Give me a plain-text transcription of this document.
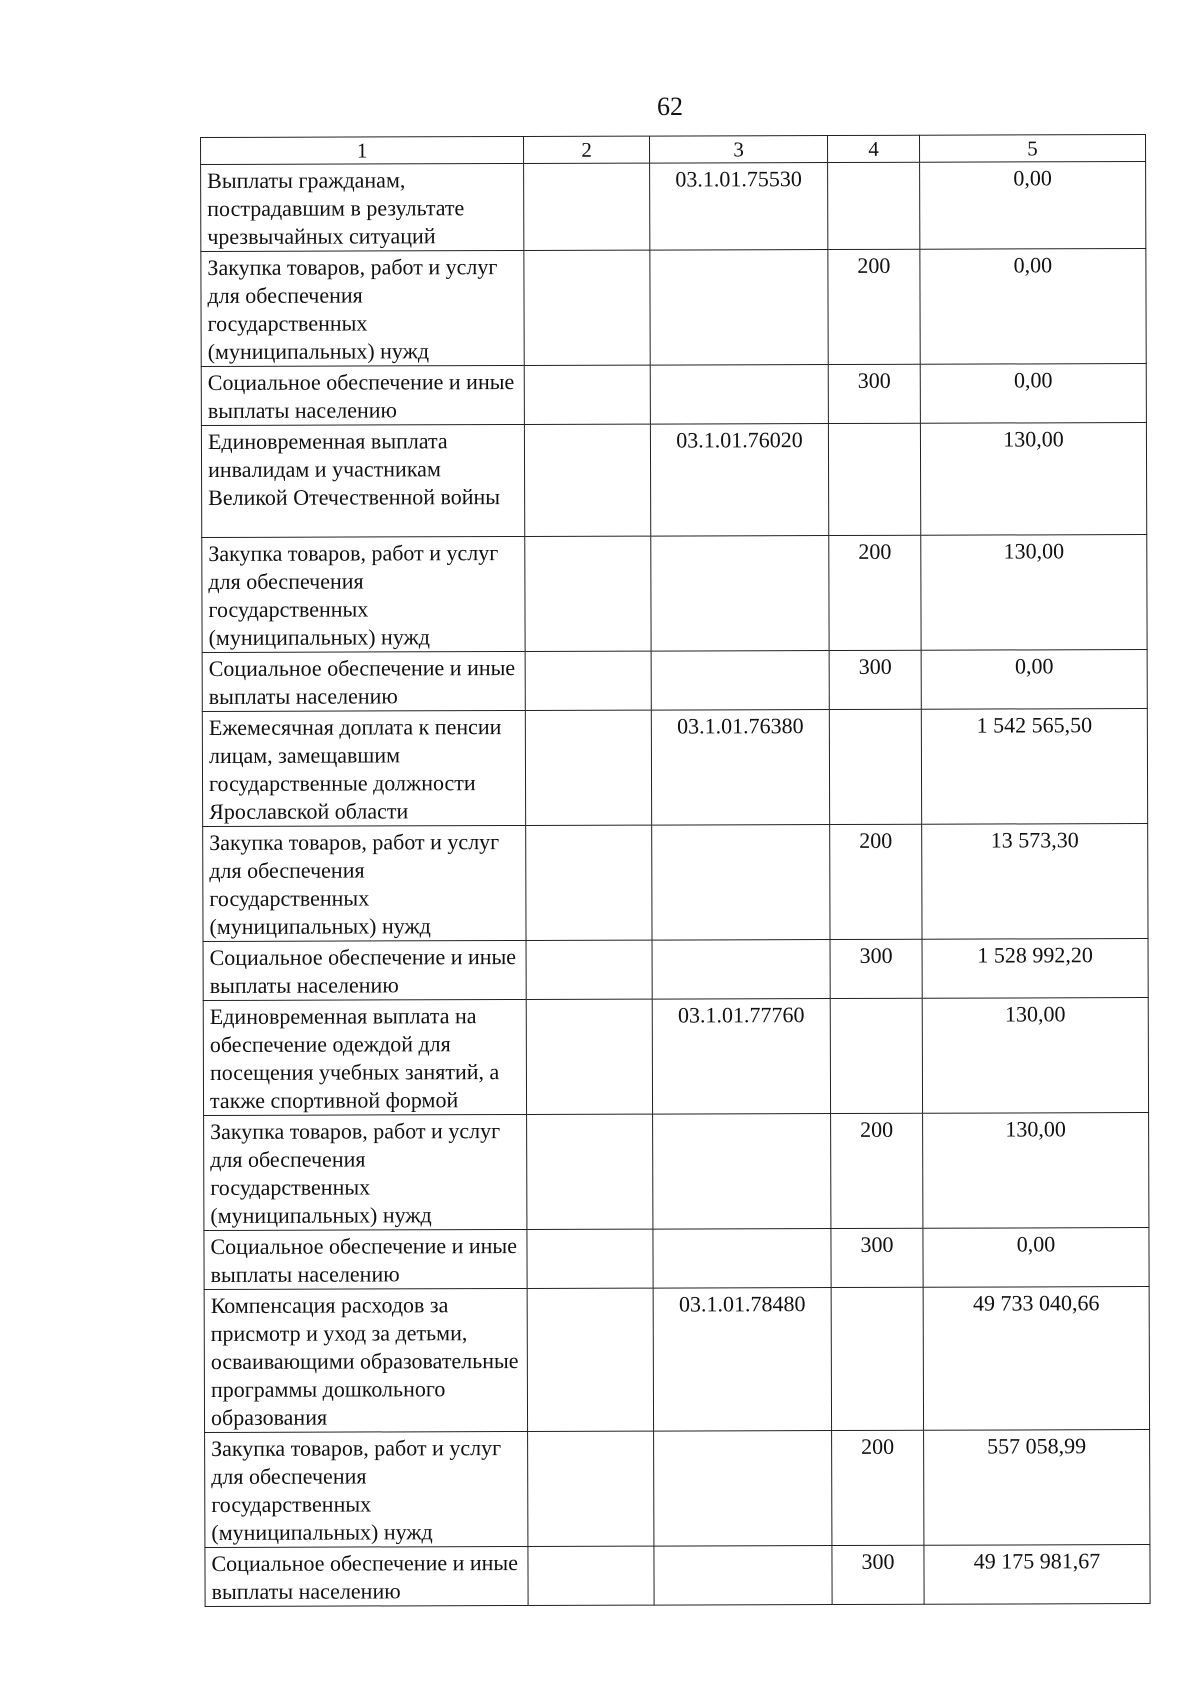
62
1	2	3	4	5
Выплаты гражданам, пострадавшим в результате чрезвычайных ситуаций		03.1.01.75530		0,00
Закупка товаров, работ и услуг для обеспечения государственных (муниципальных) нужд			200	0,00
Социальное обеспечение и иные выплаты населению			300	0,00
Единовременная выплата инвалидам и участникам Великой Отечественной войны		03.1.01.76020		130,00
Закупка товаров, работ и услуг для обеспечения государственных (муниципальных) нужд			200	130,00
Социальное обеспечение и иные выплаты населению			300	0,00
Ежемесячная доплата к пенсии лицам, замещавшим государственные должности Ярославской области		03.1.01.76380		1 542 565,50
Закупка товаров, работ и услуг для обеспечения государственных (муниципальных) нужд			200	13 573,30
Социальное обеспечение и иные выплаты населению			300	1 528 992,20
Единовременная выплата на обеспечение одеждой для посещения учебных занятий, а также спортивной формой		03.1.01.77760		130,00
Закупка товаров, работ и услуг для обеспечения государственных (муниципальных) нужд			200	130,00
Социальное обеспечение и иные выплаты населению			300	0,00
Компенсация расходов за присмотр и уход за детьми, осваивающими образовательные программы дошкольного образования		03.1.01.78480		49 733 040,66
Закупка товаров, работ и услуг для обеспечения государственных (муниципальных) нужд			200	557 058,99
Социальное обеспечение и иные выплаты населению			300	49 175 981,67
